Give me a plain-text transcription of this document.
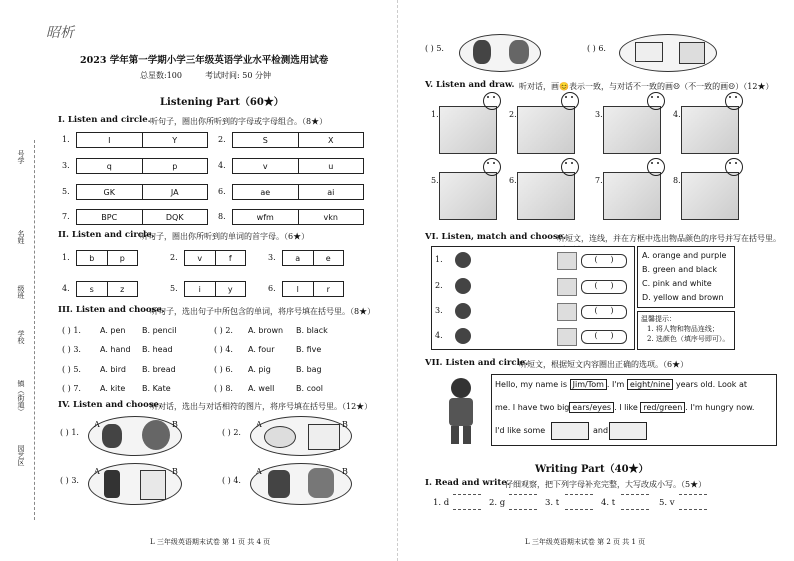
昭析
号学
名姓
级班
学校
镇（街道）
园艺区
2023 学年第一学期小学三年级英语学业水平检测选用试卷
总星数:100	考试时间: 50 分钟
Listening Part（60★）
I. Listen and circle. 听句子，圈出你所听到的字母或字母组合。（8★）
1.	I	Y	2.	S	X
3.	q	p	4.	v	u
5.	GK	JA	6.	ae	ai
7.	BPC	DQK	8.	wfm	vkn
II. Listen and circle.
听句子，圈出你所听到的单词的首字母。（6★）
1.	b	p	2.	v	f	3.	a	e
4.	s	z	5.	i	y	6.	l	r
III. Listen and choose.
听句子，选出句子中所包含的单词，将序号填在括号里。（8★）
( ) 1. A. pen B. pencil	( ) 2. A. brown B. black
( ) 3. A. hand B. head	( ) 4. A. four	B. five
( ) 5. A. bird B. bread	( ) 6. A. pig	B. bag
( ) 7. A. kite B. Kate	( ) 8. A. well	B. cool
IV. Listen and choose.
听对话，选出与对话相符的图片，将序号填在括号里。（12★）
( ) 1.
A	B
( ) 2.
A	B
( ) 3.
A	B
( ) 4.
A	B
L 三年级英语期末试卷 第 1 页 共 4 页
( ) 5.	( ) 6.
V. Listen and draw. 听对话，画😊表示一致，与对话不一致的画☹（不一致的画☹）（12★）
1.	2.	3.	4.
5.	6.	7.	8.
VI. Listen, match and choose.
听短文，连线，并在方框中选出物品颜色的序号并写在括号里。
1.	(     )
2.	(     )
3.	(     )
4.	(     )
A. orange and purple
B. green and black
C. pink and white
D. yellow and brown
温馨提示：
1. 将人物和物品连线；
2. 选颜色（填序号即可）。
VII. Listen and circle.
听短文，根据短文内容圈出正确的选项。（6★）
Hello, my name is Jim/Tom . I'm eight/nine years old. Look at
me. I have two big ears/eyes . I like red/green . I'm hungry now.
I'd like some	and
Writing Part（40★）
I. Read and write.
仔细观察，把下列字母补充完整，大写改成小写。（5★）
1. d	2. g	3. t	4. t	5. v
L 三年级英语期末试卷 第 2 页 共 1 页
